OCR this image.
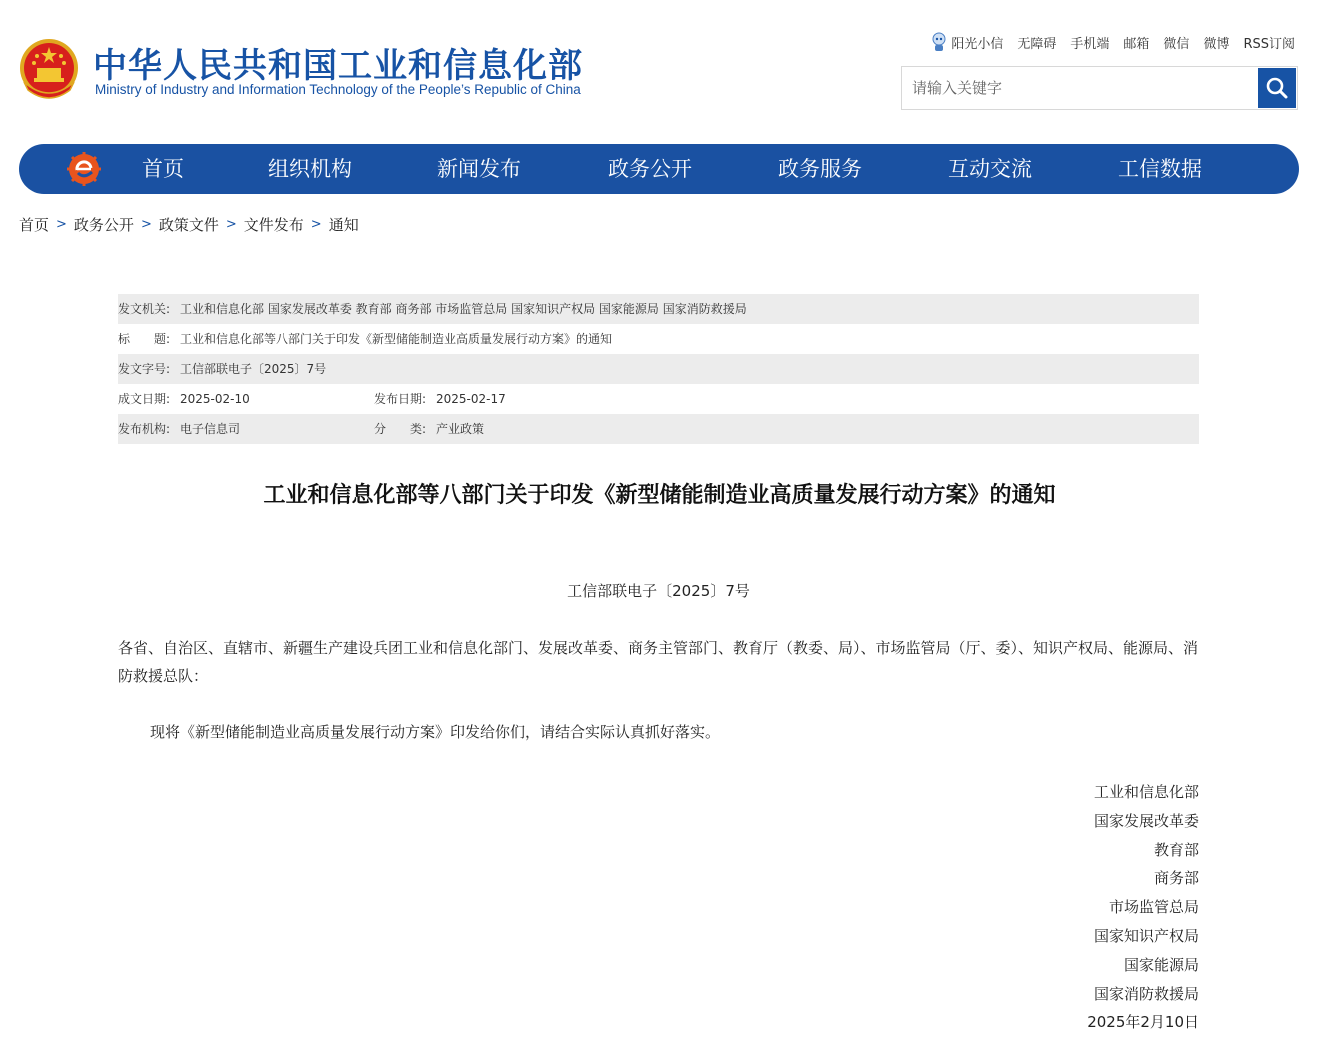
中华人民共和国工业和信息化部
Ministry of Industry and Information Technology of the People’s Republic of China
阳光小信 无障碍 手机端 邮箱 微信 微博 RSS订阅
请输入关键字
首页	组织机构	新闻发布	政务公开	政务服务	互动交流	工信数据
首页 > 政务公开 > 政策文件 > 文件发布 > 通知
发文机关: 工业和信息化部 国家发展改革委 教育部 商务部 市场监管总局 国家知识产权局 国家能源局 国家消防救援局
标　　题: 工业和信息化部等八部门关于印发《新型储能制造业高质量发展行动方案》的通知
发文字号: 工信部联电子〔2025〕7号
成文日期: 2025-02-10	发布日期: 2025-02-17
发布机构: 电子信息司	分　　类: 产业政策
工业和信息化部等八部门关于印发《新型储能制造业高质量发展行动方案》的通知
工信部联电子〔2025〕7号
各省、自治区、直辖市、新疆生产建设兵团工业和信息化部门、发展改革委、商务主管部门、教育厅（教委、局）、市场监管局（厅、委）、知识产权局、能源局、消防救援总队：
现将《新型储能制造业高质量发展行动方案》印发给你们，请结合实际认真抓好落实。
工业和信息化部
国家发展改革委
教育部
商务部
市场监管总局
国家知识产权局
国家能源局
国家消防救援局
2025年2月10日
